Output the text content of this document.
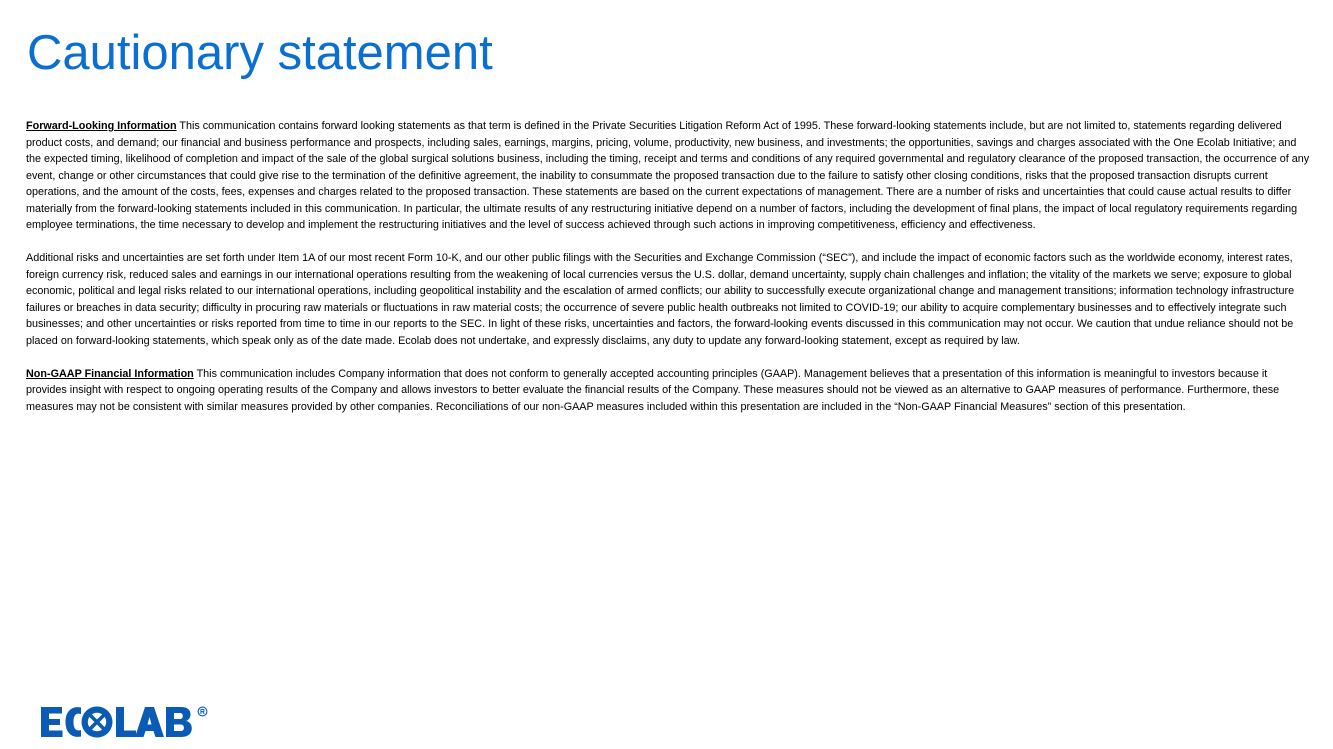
Cautionary statement

Forward-Looking Information This communication contains forward looking statements as that term is defined in the Private Securities Litigation Reform Act of 1995. These forward-looking statements include, but are not limited to, statements regarding delivered product costs, and demand; our financial and business performance and prospects, including sales, earnings, margins, pricing, volume, productivity, new business, and investments; the opportunities, savings and charges associated with the One Ecolab Initiative; and the expected timing, likelihood of completion and impact of the sale of the global surgical solutions business, including the timing, receipt and terms and conditions of any required governmental and regulatory clearance of the proposed transaction, the occurrence of any event, change or other circumstances that could give rise to the termination of the definitive agreement, the inability to consummate the proposed transaction due to the failure to satisfy other closing conditions, risks that the proposed transaction disrupts current operations, and the amount of the costs, fees, expenses and charges related to the proposed transaction. These statements are based on the current expectations of management. There are a number of risks and uncertainties that could cause actual results to differ materially from the forward-looking statements included in this communication. In particular, the ultimate results of any restructuring initiative depend on a number of factors, including the development of final plans, the impact of local regulatory requirements regarding employee terminations, the time necessary to develop and implement the restructuring initiatives and the level of success achieved through such actions in improving competitiveness, efficiency and effectiveness.

Additional risks and uncertainties are set forth under Item 1A of our most recent Form 10-K, and our other public filings with the Securities and Exchange Commission (“SEC”), and include the impact of economic factors such as the worldwide economy, interest rates, foreign currency risk, reduced sales and earnings in our international operations resulting from the weakening of local currencies versus the U.S. dollar, demand uncertainty, supply chain challenges and inflation; the vitality of the markets we serve; exposure to global economic, political and legal risks related to our international operations, including geopolitical instability and the escalation of armed conflicts; our ability to successfully execute organizational change and management transitions; information technology infrastructure failures or breaches in data security; difficulty in procuring raw materials or fluctuations in raw material costs; the occurrence of severe public health outbreaks not limited to COVID-19; our ability to acquire complementary businesses and to effectively integrate such businesses; and other uncertainties or risks reported from time to time in our reports to the SEC. In light of these risks, uncertainties and factors, the forward-looking events discussed in this communication may not occur. We caution that undue reliance should not be placed on forward-looking statements, which speak only as of the date made. Ecolab does not undertake, and expressly disclaims, any duty to update any forward-looking statement, except as required by law.

Non-GAAP Financial Information This communication includes Company information that does not conform to generally accepted accounting principles (GAAP). Management believes that a presentation of this information is meaningful to investors because it provides insight with respect to ongoing operating results of the Company and allows investors to better evaluate the financial results of the Company. These measures should not be viewed as an alternative to GAAP measures of performance. Furthermore, these measures may not be consistent with similar measures provided by other companies. Reconciliations of our non-GAAP measures included within this presentation are included in the “Non-GAAP Financial Measures” section of this presentation.
